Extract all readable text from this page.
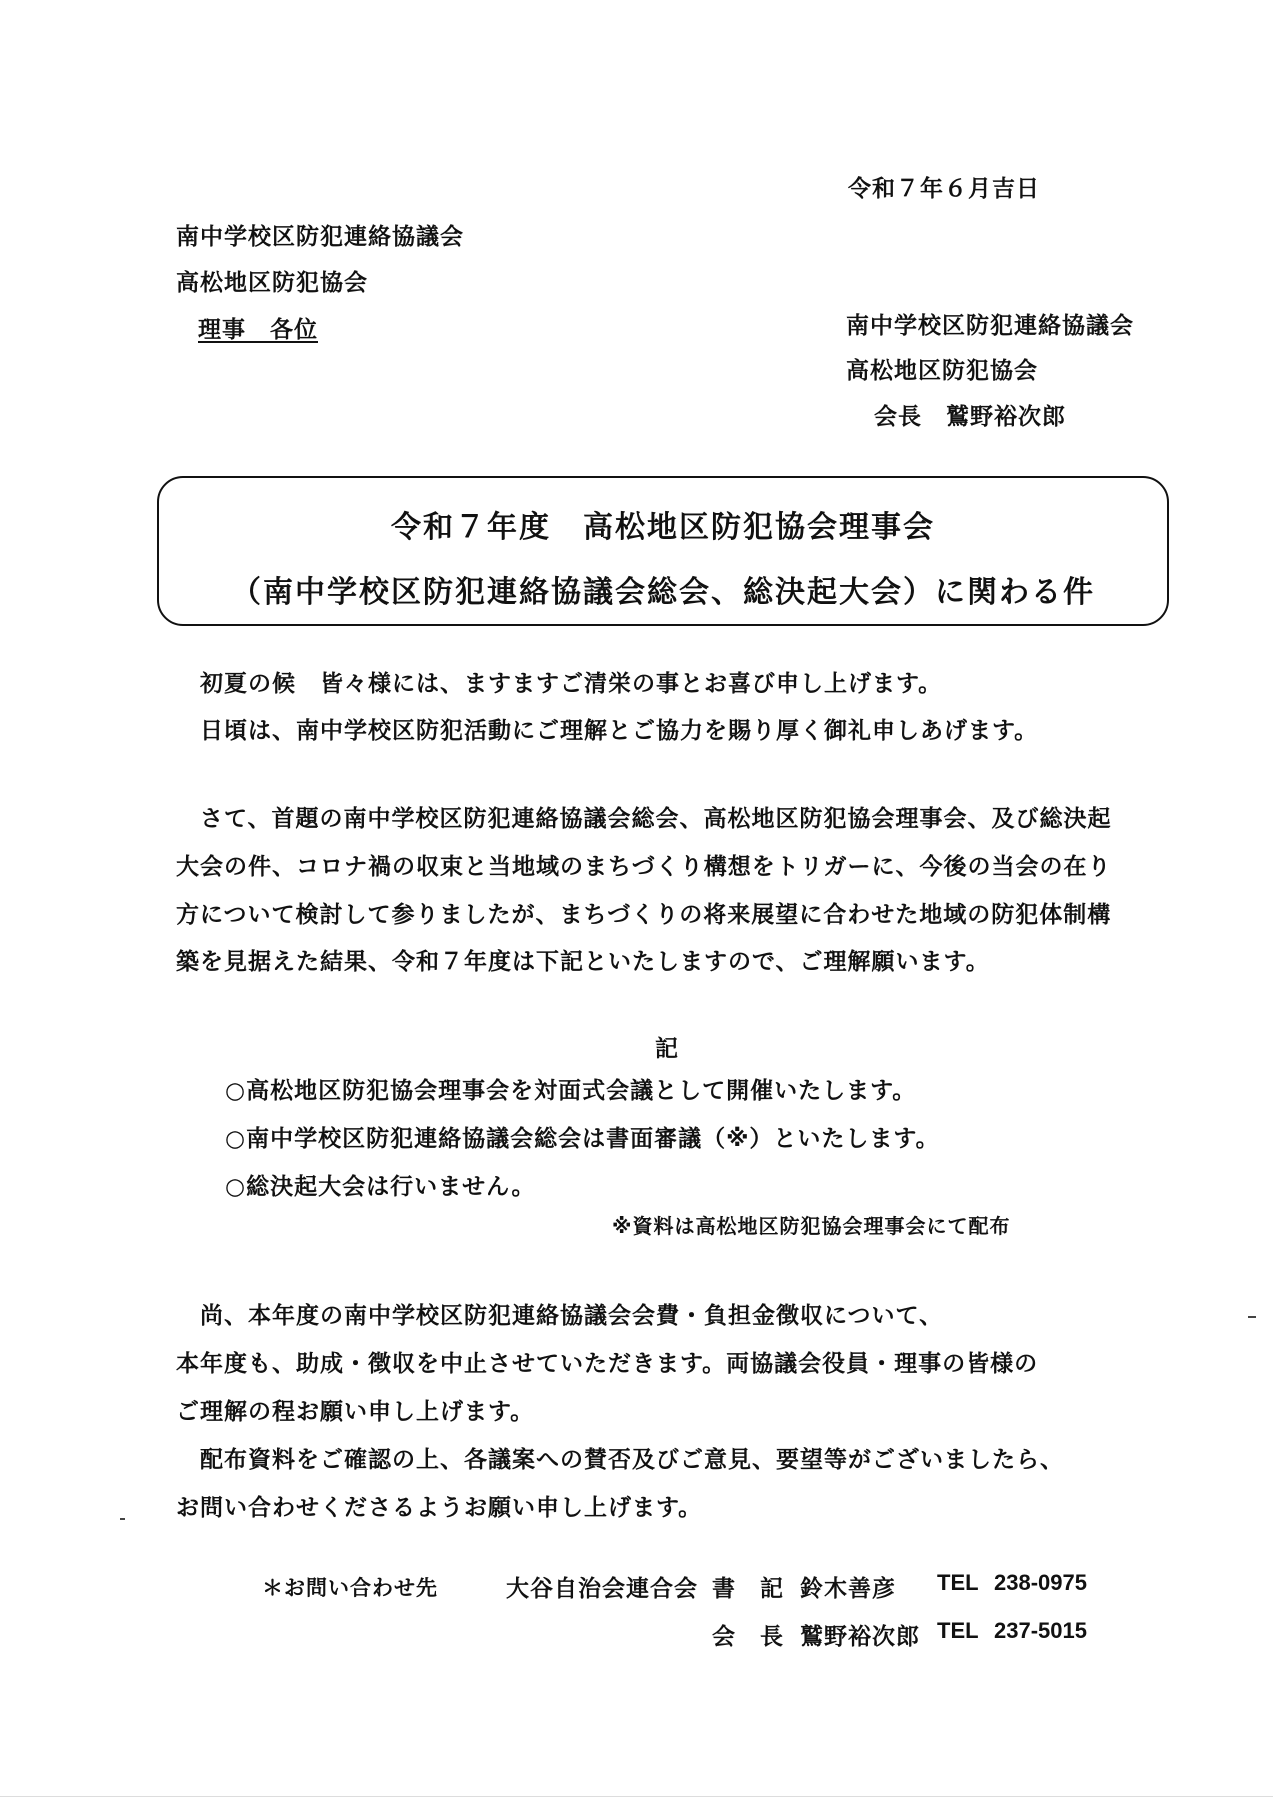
令和７年６月吉日
南中学校区防犯連絡協議会
高松地区防犯協会
理事　各位	南中学校区防犯連絡協議会
高松地区防犯協会
会長　鷲野裕次郎
令和７年度　高松地区防犯協会理事会
（南中学校区防犯連絡協議会総会、総決起大会）に関わる件
初夏の候　皆々様には、ますますご清栄の事とお喜び申し上げます。
日頃は、南中学校区防犯活動にご理解とご協力を賜り厚く御礼申しあげます。
さて、首題の南中学校区防犯連絡協議会総会、高松地区防犯協会理事会、及び総決起
大会の件、コロナ禍の収束と当地域のまちづくり構想をトリガーに、今後の当会の在り
方について検討して参りましたが、まちづくりの将来展望に合わせた地域の防犯体制構
築を見据えた結果、令和７年度は下記といたしますので、ご理解願います。
記
○高松地区防犯協会理事会を対面式会議として開催いたします。
○南中学校区防犯連絡協議会総会は書面審議（※）といたします。
○総決起大会は行いません。
※資料は高松地区防犯協会理事会にて配布
尚、本年度の南中学校区防犯連絡協議会会費・負担金徴収について、
本年度も、助成・徴収を中止させていただきます。両協議会役員・理事の皆様の
ご理解の程お願い申し上げます。
配布資料をご確認の上、各議案への賛否及びご意見、要望等がございましたら、
お問い合わせくださるようお願い申し上げます。
＊お問い合わせ先	大谷自治会連合会 書　記 鈴木善彦 TEL 238-0975
会　長 鷲野裕次郎 TEL 237-5015
